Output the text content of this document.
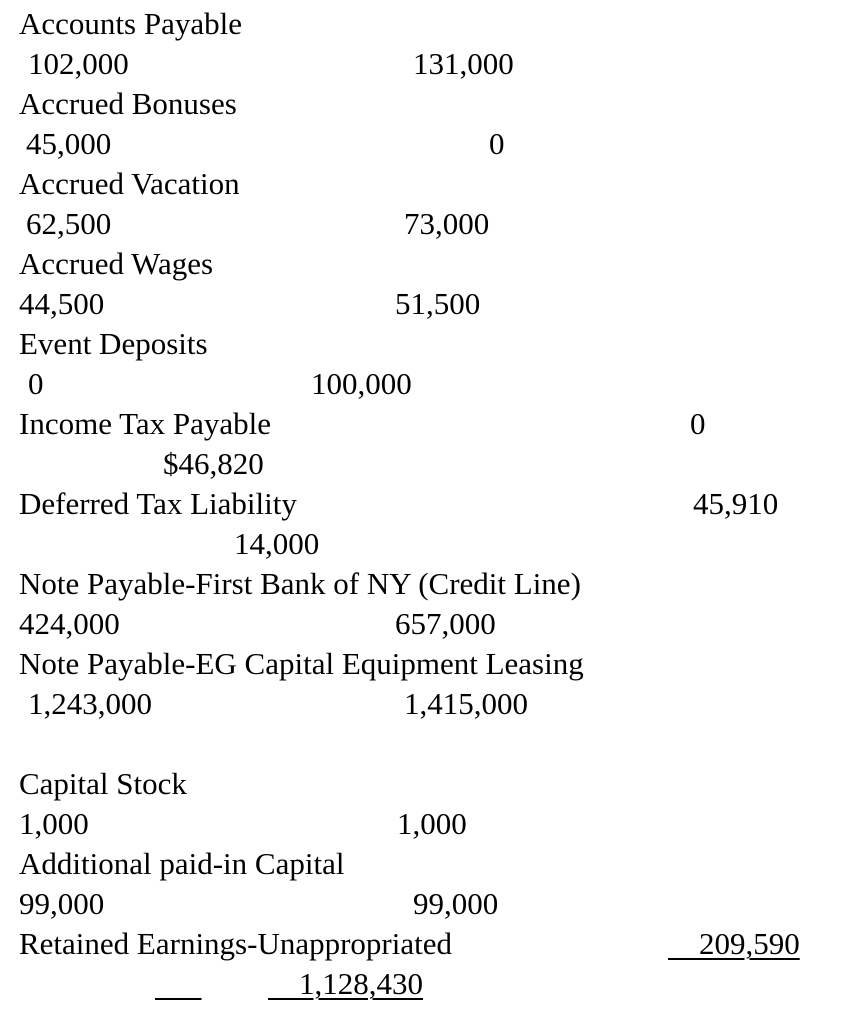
Accounts Payable
102,000	131,000
Accrued Bonuses
45,000	0
Accrued Vacation
62,500	73,000
Accrued Wages
44,500	51,500
Event Deposits
0	100,000
Income Tax Payable	0
$46,820
Deferred Tax Liability	45,910
14,000
Note Payable-First Bank of NY (Credit Line)
424,000	657,000
Note Payable-EG Capital Equipment Leasing
1,243,000	1,415,000
Capital Stock
1,000	1,000
Additional paid-in Capital
99,000	99,000
Retained Earnings-Unappropriated	209,590

1,128,430
